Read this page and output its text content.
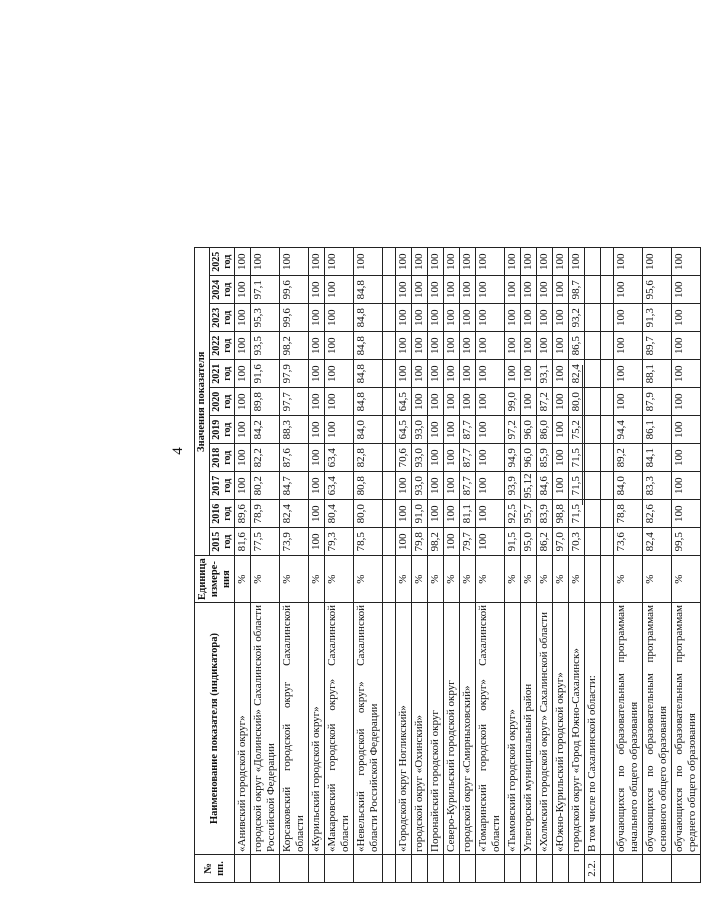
4
№ пп.	Наименование показателя (индикатора)	Единица измере-ния	Значения показателя										
			2015 год	2016 год	2017 год	2018 год	2019 год	2020 год	2021 год	2022 год	2023 год	2024 год	2025 год
	«Анивский городской округ»	%	81,6	89,6	100	100	100	100	100	100	100	100	100
	городской округ «Долинский» Сахалинской области Российской Федерации	%	77,5	78,9	80,2	82,2	84,2	89,8	91,6	93,5	95,3	97,1	100
	Корсаковский городской округ Сахалинской области	%	73,9	82,4	84,7	87,6	88,3	97,7	97,9	98,2	99,6	99,6	100
	«Курильский городской округ»	%	100	100	100	100	100	100	100	100	100	100	100
	«Макаровский городской округ» Сахалинской области	%	79,3	80,4	63,4	63,4	100	100	100	100	100	100	100
	«Невельский городской округ» Сахалинской области Российской Федерации	%	78,5	80,0	80,8	82,8	84,0	84,8	84,8	84,8	84,8	84,8	100

	«Городской округ Ногликский»	%	100	100	100	70,6	64,5	64,5	100	100	100	100	100
	городской округ «Охинский»	%	79,8	91,0	93,0	93,0	93,0	100	100	100	100	100	100
	Поронайский городской округ	%	98,2	100	100	100	100	100	100	100	100	100	100
	Северо-Курильский городской округ	%	100	100	100	100	100	100	100	100	100	100	100
	городской округ «Смирныховский»	%	79,7	81,1	87,7	87,7	87,7	100	100	100	100	100	100
	«Томаринский городской округ» Сахалинской области	%	100	100	100	100	100	100	100	100	100	100	100
	«Тымовский городской округ»	%	91,5	92,5	93,9	94,9	97,2	99,0	100	100	100	100	100
	Углегорский муниципальный район	%	95,0	95,7	95,12	96,0	96,0	100	100	100	100	100	100
	«Холмский городской округ» Сахалинской области	%	86,2	83,9	84,6	85,9	86,0	87,2	93,1	100	100	100	100
	«Южно-Курильский городской округ»	%	97,0	98,8	100	100	100	100	100	100	100	100	100
	городской округ «Город Южно-Сахалинск»	%	70,3	71,5	71,5	71,5	75,2	80,0	82,4	86,5	93,2	98,7	100
2.2.	В том числе по Сахалинской области:												

	обучающихся по образовательным программам начального общего образования	%	73,6	78,8	84,0	89,2	94,4	100	100	100	100	100	100
	обучающихся по образовательным программам основного общего образования	%	82,4	82,6	83,3	84,1	86,1	87,9	88,1	89,7	91,3	95,6	100
	обучающихся по образовательным программам среднего общего образования	%	99,5	100	100	100	100	100	100	100	100	100	100
